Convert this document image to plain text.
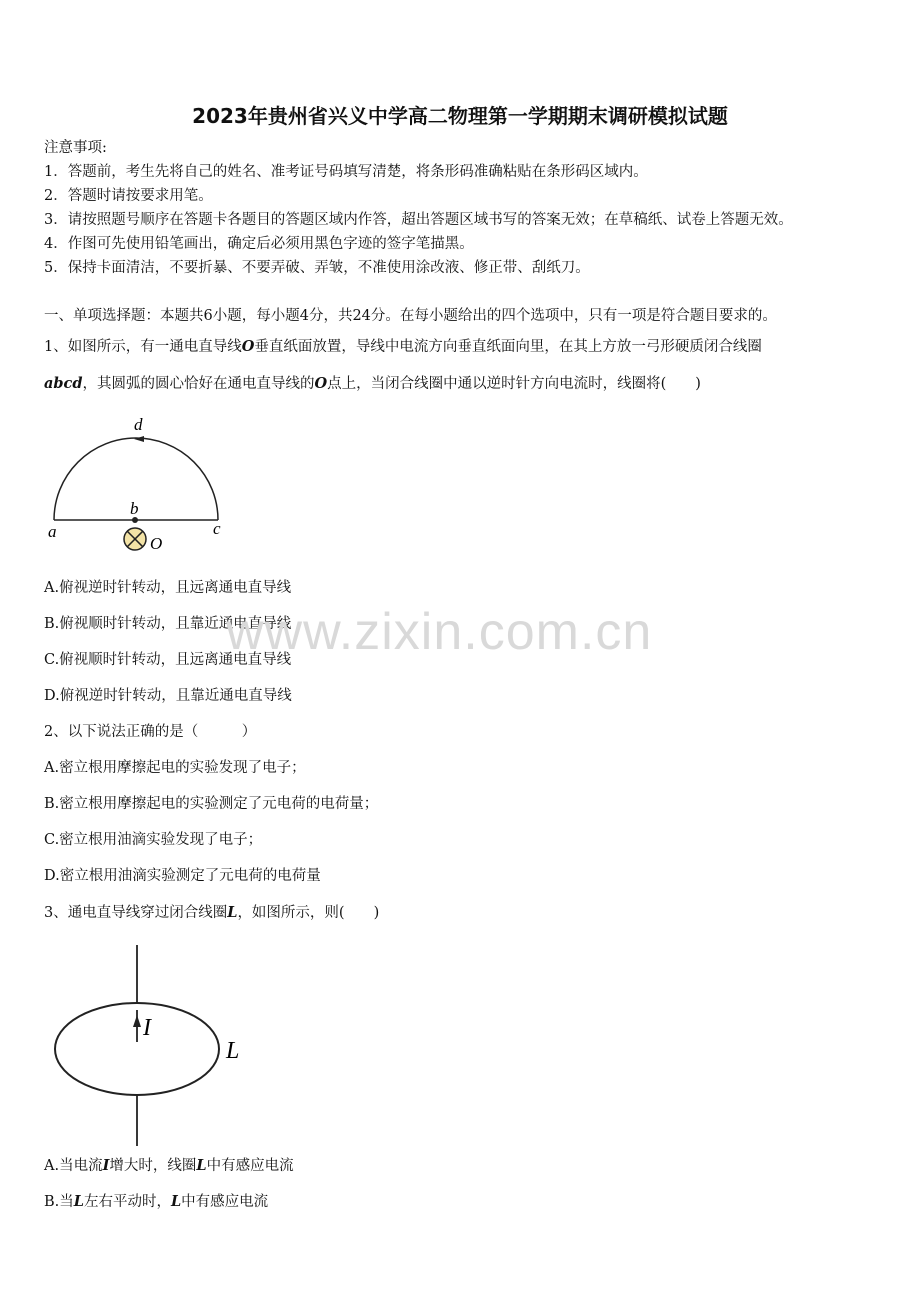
2023年贵州省兴义中学高二物理第一学期期末调研模拟试题
注意事项:
1．答题前，考生先将自己的姓名、准考证号码填写清楚，将条形码准确粘贴在条形码区域内。
2．答题时请按要求用笔。
3．请按照题号顺序在答题卡各题目的答题区域内作答，超出答题区域书写的答案无效；在草稿纸、试卷上答题无效。
4．作图可先使用铅笔画出，确定后必须用黑色字迹的签字笔描黑。
5．保持卡面清洁，不要折暴、不要弄破、弄皱，不准使用涂改液、修正带、刮纸刀。
一、单项选择题：本题共6小题，每小题4分，共24分。在每小题给出的四个选项中，只有一项是符合题目要求的。
1、如图所示，有一通电直导线O垂直纸面放置，导线中电流方向垂直纸面向里，在其上方放一弓形硬质闭合线圈
abcd，其圆弧的圆心恰好在通电直导线的O点上，当闭合线圈中通以逆时针方向电流时，线圈将(　　)
d
b
a	c
O
A.俯视逆时针转动，且远离通电直导线
B.俯视顺时针转动，且靠近通电直导线
C.俯视顺时针转动，且远离通电直导线
D.俯视逆时针转动，且靠近通电直导线
2、以下说法正确的是（　　　）
A.密立根用摩擦起电的实验发现了电子；
B.密立根用摩擦起电的实验测定了元电荷的电荷量；
C.密立根用油滴实验发现了电子；
D.密立根用油滴实验测定了元电荷的电荷量
3、通电直导线穿过闭合线圈L，如图所示，则(　　)
I
L
A.当电流I增大时，线圈L中有感应电流
B.当L左右平动时，L中有感应电流
www.zixin.com.cn
